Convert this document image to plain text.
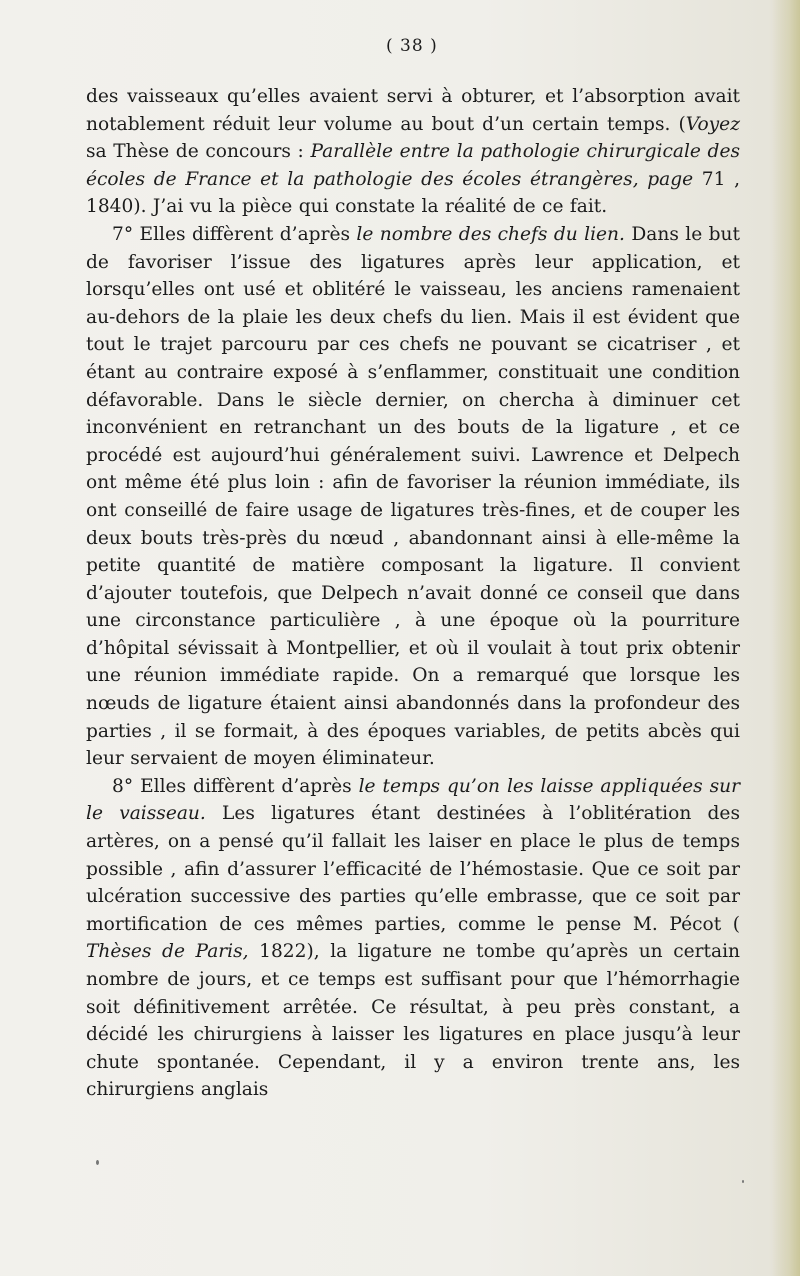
( 38 )

des vaisseaux qu’elles avaient servi à obturer, et l’absorption avait notablement réduit leur volume au bout d’un certain temps. (Voyez sa Thèse de concours : Parallèle entre la pathologie chirurgicale des écoles de France et la pathologie des écoles étrangères, page 71 , 1840). J’ai vu la pièce qui constate la réalité de ce fait.

7° Elles diffèrent d’après le nombre des chefs du lien. Dans le but de favoriser l’issue des ligatures après leur application, et lorsqu’elles ont usé et oblitéré le vaisseau, les anciens ramenaient au-dehors de la plaie les deux chefs du lien. Mais il est évident que tout le trajet parcouru par ces chefs ne pouvant se cicatriser , et étant au contraire exposé à s’enflammer, constituait une condition défavorable. Dans le siècle dernier, on chercha à diminuer cet inconvénient en retranchant un des bouts de la ligature , et ce procédé est aujourd’hui généralement suivi. Lawrence et Delpech ont même été plus loin : afin de favoriser la réunion immédiate, ils ont conseillé de faire usage de ligatures très-fines, et de couper les deux bouts très-près du nœud , abandonnant ainsi à elle-même la petite quantité de matière composant la ligature. Il convient d’ajouter toutefois, que Delpech n’avait donné ce conseil que dans une circonstance particulière , à une époque où la pourriture d’hôpital sévissait à Montpellier, et où il voulait à tout prix obtenir une réunion immédiate rapide. On a remarqué que lorsque les nœuds de ligature étaient ainsi abandonnés dans la profondeur des parties , il se formait, à des époques variables, de petits abcès qui leur servaient de moyen éliminateur.

8° Elles diffèrent d’après le temps qu’on les laisse appliquées sur le vaisseau. Les ligatures étant destinées à l’oblitération des artères, on a pensé qu’il fallait les laiser en place le plus de temps possible , afin d’assurer l’efficacité de l’hémostasie. Que ce soit par ulcération successive des parties qu’elle embrasse, que ce soit par mortification de ces mêmes parties, comme le pense M. Pécot ( Thèses de Paris, 1822), la ligature ne tombe qu’après un certain nombre de jours, et ce temps est suffisant pour que l’hémorrhagie soit définitivement arrêtée. Ce résultat, à peu près constant, a décidé les chirurgiens à laisser les ligatures en place jusqu’à leur chute spontanée. Cependant, il y a environ trente ans, les chirurgiens anglais
